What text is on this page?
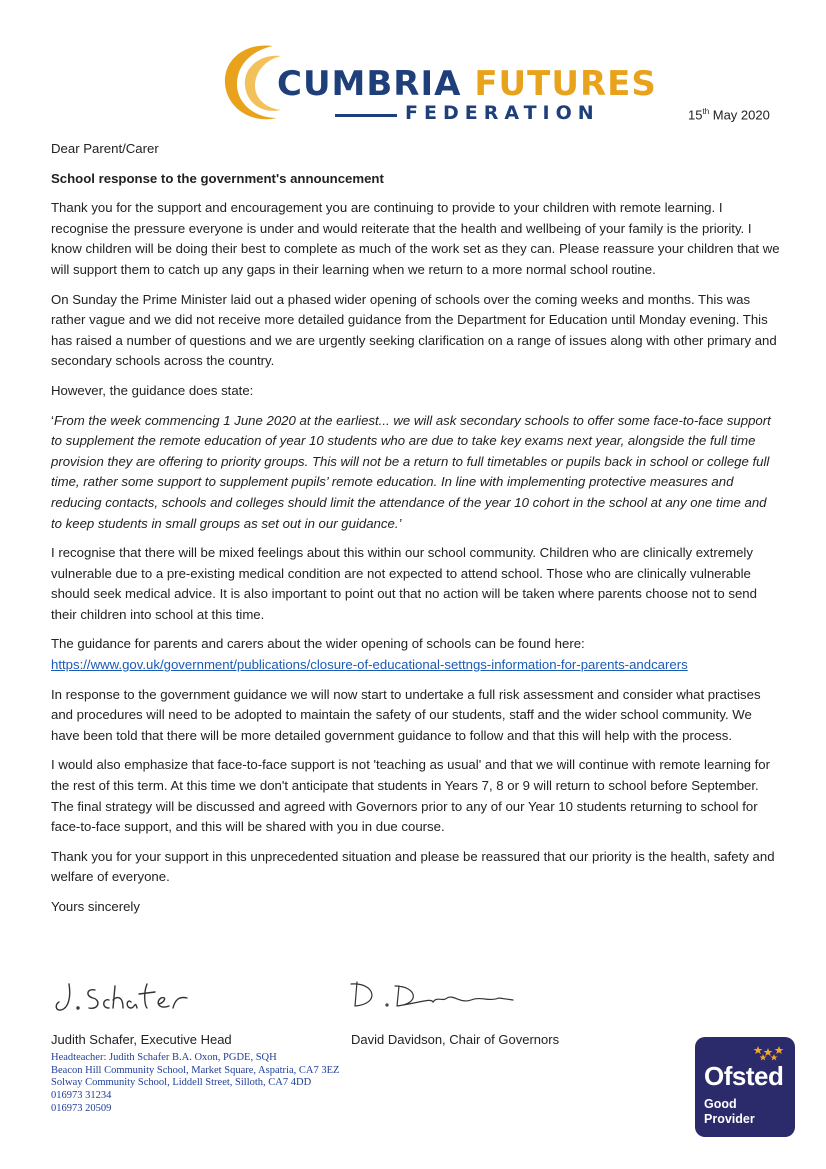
CUMBRIA FUTURES
FEDERATION	15th May 2020

Dear Parent/Carer

School response to the government's announcement

Thank you for the support and encouragement you are continuing to provide to your children with remote learning. I recognise the pressure everyone is under and would reiterate that the health and wellbeing of your family is the priority. I know children will be doing their best to complete as much of the work set as they can. Please reassure your children that we will support them to catch up any gaps in their learning when we return to a more normal school routine.

On Sunday the Prime Minister laid out a phased wider opening of schools over the coming weeks and months. This was rather vague and we did not receive more detailed guidance from the Department for Education until Monday evening. This has raised a number of questions and we are urgently seeking clarification on a range of issues along with other primary and secondary schools across the country.

However, the guidance does state:

‘From the week commencing 1 June 2020 at the earliest... we will ask secondary schools to offer some face-to-face support to supplement the remote education of year 10 students who are due to take key exams next year, alongside the full time provision they are offering to priority groups. This will not be a return to full timetables or pupils back in school or college full time, rather some support to supplement pupils’ remote education. In line with implementing protective measures and reducing contacts, schools and colleges should limit the attendance of the year 10 cohort in the school at any one time and to keep students in small groups as set out in our guidance.’

I recognise that there will be mixed feelings about this within our school community. Children who are clinically extremely vulnerable due to a pre-existing medical condition are not expected to attend school. Those who are clinically vulnerable should seek medical advice. It is also important to point out that no action will be taken where parents choose not to send their children into school at this time.

The guidance for parents and carers about the wider opening of schools can be found here:
https://www.gov.uk/government/publications/closure-of-educational-settngs-information-for-parents-andcarers

In response to the government guidance we will now start to undertake a full risk assessment and consider what practises and procedures will need to be adopted to maintain the safety of our students, staff and the wider school community. We have been told that there will be more detailed government guidance to follow and that this will help with the process.

I would also emphasize that face-to-face support is not 'teaching as usual' and that we will continue with remote learning for the rest of this term. At this time we don't anticipate that students in Years 7, 8 or 9 will return to school before September. The final strategy will be discussed and agreed with Governors prior to any of our Year 10 students returning to school for face-to-face support, and this will be shared with you in due course.

Thank you for your support in this unprecedented situation and please be reassured that our priority is the health, safety and welfare of everyone.

Yours sincerely

Judith Schafer, Executive Head	David Davidson, Chair of Governors
Headteacher: Judith Schafer B.A. Oxon, PGDE, SQH
Beacon Hill Community School, Market Square, Aspatria, CA7 3EZ
Solway Community School, Liddell Street, Silloth, CA7 4DD
016973 31234
016973 20509
Ofsted
Good
Provider
